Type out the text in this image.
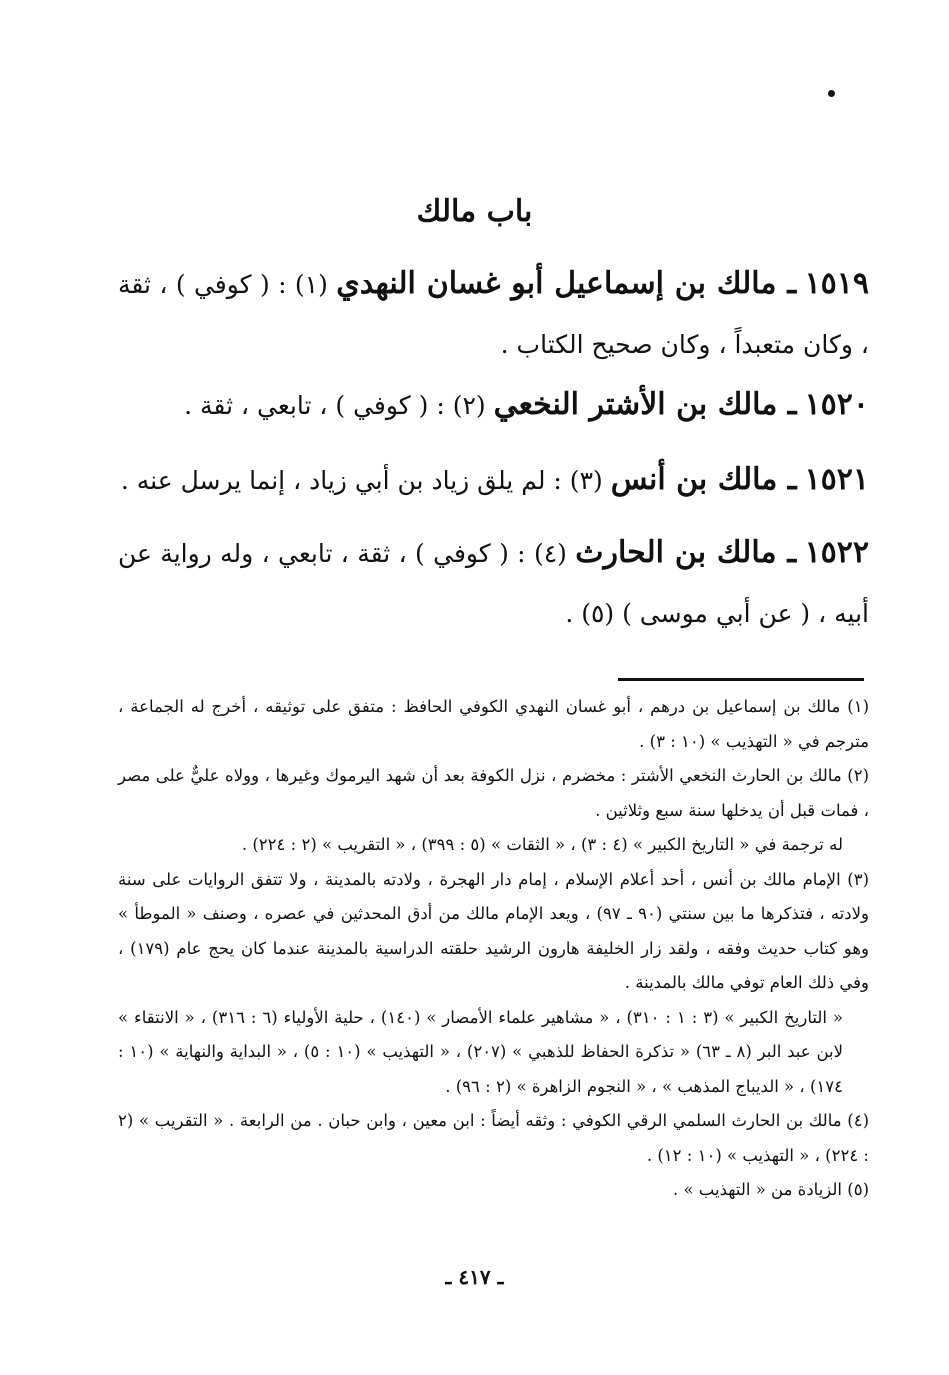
باب مالك
١٥١٩ ـ مالك بن إسماعيل أبو غسان النهدي (١) : ( كوفي ) ، ثقة ، وكان متعبداً ، وكان صحيح الكتاب .
١٥٢٠ ـ مالك بن الأشتر النخعي (٢) : ( كوفي ) ، تابعي ، ثقة .
١٥٢١ ـ مالك بن أنس (٣) : لم يلق زياد بن أبي زياد ، إنما يرسل عنه .
١٥٢٢ ـ مالك بن الحارث (٤) : ( كوفي ) ، ثقة ، تابعي ، وله رواية عن أبيه ، ( عن أبي موسى ) (٥) .

(١) مالك بن إسماعيل بن درهم ، أبو غسان النهدي الكوفي الحافظ : متفق على توثيقه ، أخرج له الجماعة ، مترجم في « التهذيب » (١٠ : ٣) .

(٢) مالك بن الحارث النخعي الأشتر : مخضرم ، نزل الكوفة بعد أن شهد اليرموك وغيرها ، وولاه عليٌّ على مصر ، فمات قبل أن يدخلها سنة سبع وثلاثين .

له ترجمة في « التاريخ الكبير » (٤ : ٣) ، « الثقات » (٥ : ٣٩٩) ، « التقريب » (٢ : ٢٢٤) .

(٣) الإمام مالك بن أنس ، أحد أعلام الإسلام ، إمام دار الهجرة ، ولادته بالمدينة ، ولا تتفق الروايات على سنة ولادته ، فتذكرها ما بين سنتي (٩٠ ـ ٩٧) ، ويعد الإمام مالك من أدق المحدثين في عصره ، وصنف « الموطأ » وهو كتاب حديث وفقه ، ولقد زار الخليفة هارون الرشيد حلقته الدراسية بالمدينة عندما كان يحج عام (١٧٩) ، وفي ذلك العام توفي مالك بالمدينة .

« التاريخ الكبير » (٣ : ١ : ٣١٠) ، « مشاهير علماء الأمصار » (١٤٠) ، حلية الأولياء (٦ : ٣١٦) ، « الانتقاء » لابن عبد البر (٨ ـ ٦٣) « تذكرة الحفاظ للذهبي » (٢٠٧) ، « التهذيب » (١٠ : ٥) ، « البداية والنهاية » (١٠ : ١٧٤) ، « الديباج المذهب » ، « النجوم الزاهرة » (٢ : ٩٦) .

(٤) مالك بن الحارث السلمي الرقي الكوفي : وثقه أيضاً : ابن معين ، وابن حبان . من الرابعة . « التقريب » (٢ : ٢٢٤) ، « التهذيب » (١٠ : ١٢) .

(٥) الزيادة من « التهذيب » .

ـ ٤١٧ ـ
